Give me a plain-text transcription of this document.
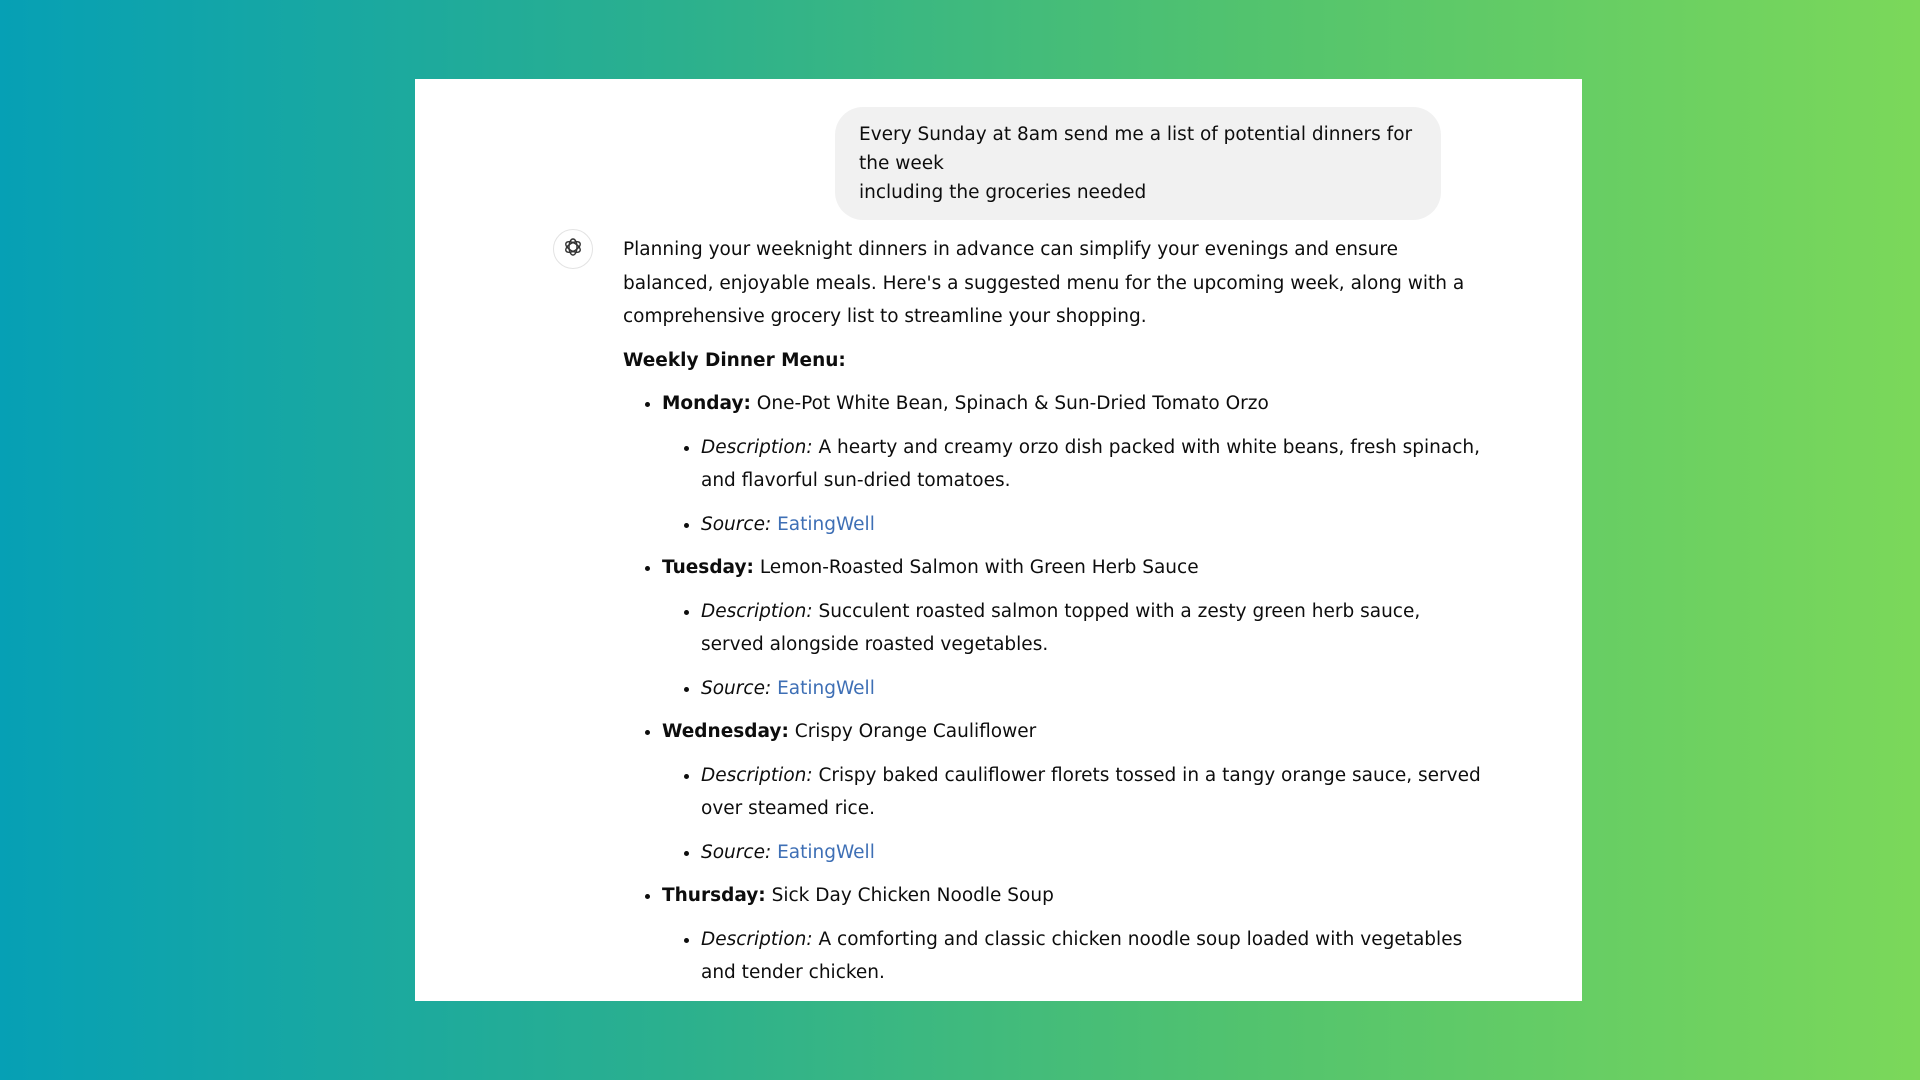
Every Sunday at 8am send me a list of potential dinners for the week
including the groceries needed

Planning your weeknight dinners in advance can simplify your evenings and ensure balanced, enjoyable meals. Here's a suggested menu for the upcoming week, along with a comprehensive grocery list to streamline your shopping.

Weekly Dinner Menu:
• Monday: One-Pot White Bean, Spinach & Sun-Dried Tomato Orzo
• Description: A hearty and creamy orzo dish packed with white beans, fresh spinach, and flavorful sun-dried tomatoes.
• Source: EatingWell
• Tuesday: Lemon-Roasted Salmon with Green Herb Sauce
• Description: Succulent roasted salmon topped with a zesty green herb sauce, served alongside roasted vegetables.
• Source: EatingWell
• Wednesday: Crispy Orange Cauliflower
• Description: Crispy baked cauliflower florets tossed in a tangy orange sauce, served over steamed rice.
• Source: EatingWell
• Thursday: Sick Day Chicken Noodle Soup
• Description: A comforting and classic chicken noodle soup loaded with vegetables and tender chicken.
